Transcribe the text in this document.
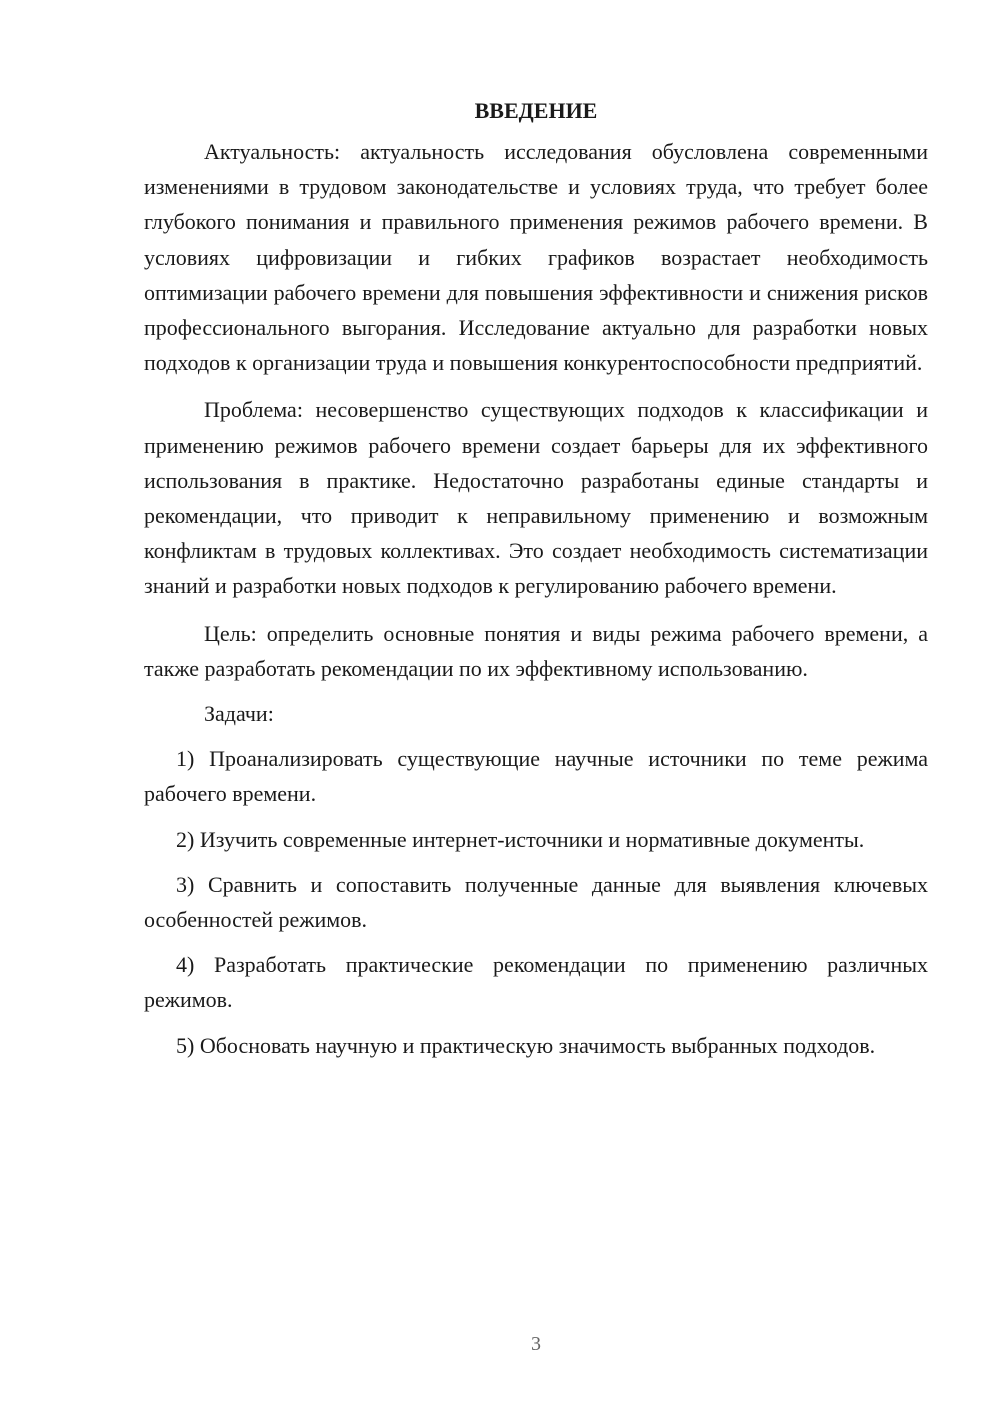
ВВЕДЕНИЕ

Актуальность: актуальность исследования обусловлена современными изменениями в трудовом законодательстве и условиях труда, что требует более глубокого понимания и правильного применения режимов рабочего времени. В условиях цифровизации и гибких графиков возрастает необходимость оптимизации рабочего времени для повышения эффективности и снижения рисков профессионального выгорания. Исследование актуально для разработки новых подходов к организации труда и повышения конкурентоспособности предприятий.

Проблема: несовершенство существующих подходов к классификации и применению режимов рабочего времени создает барьеры для их эффективного использования в практике. Недостаточно разработаны единые стандарты и рекомендации, что приводит к неправильному применению и возможным конфликтам в трудовых коллективах. Это создает необходимость систематизации знаний и разработки новых подходов к регулированию рабочего времени.

Цель: определить основные понятия и виды режима рабочего времени, а также разработать рекомендации по их эффективному использованию.

Задачи:

1) Проанализировать существующие научные источники по теме режима рабочего времени.

2) Изучить современные интернет-источники и нормативные документы.

3) Сравнить и сопоставить полученные данные для выявления ключевых особенностей режимов.

4) Разработать практические рекомендации по применению различных режимов.

5) Обосновать научную и практическую значимость выбранных подходов.

3
